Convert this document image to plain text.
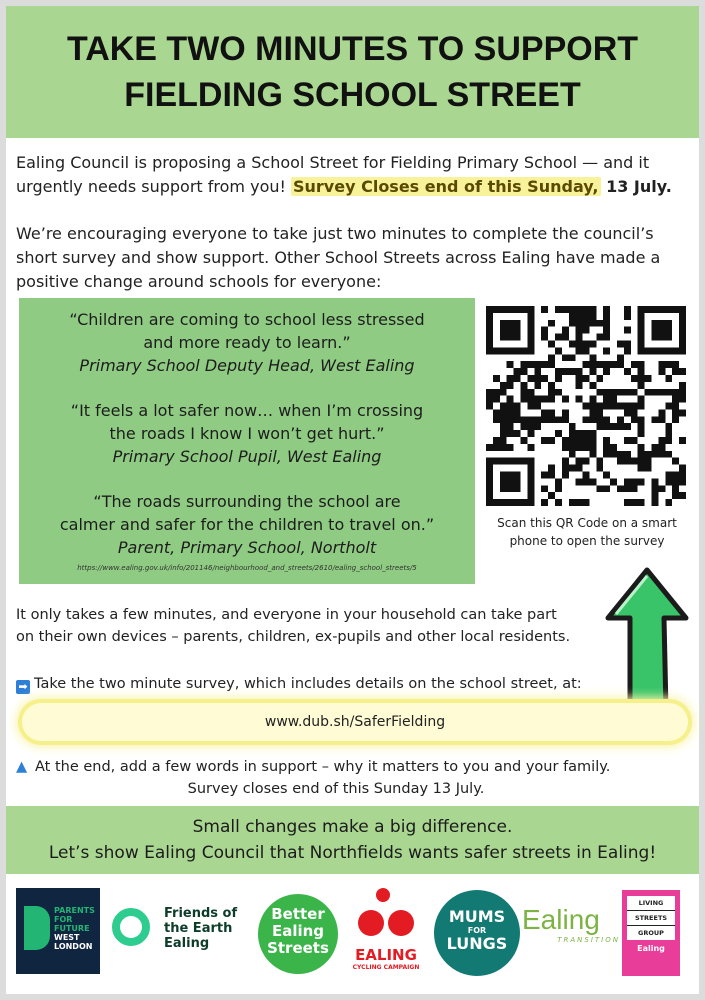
TAKE TWO MINUTES TO SUPPORT
FIELDING SCHOOL STREET
Ealing Council is proposing a School Street for Fielding Primary School — and it
urgently needs support from you! Survey Closes end of this Sunday, 13 July.
We’re encouraging everyone to take just two minutes to complete the council’s
short survey and show support. Other School Streets across Ealing have made a
positive change around schools for everyone:
“Children are coming to school less stressed
and more ready to learn.”
Primary School Deputy Head, West Ealing
“It feels a lot safer now… when I’m crossing
the roads I know I won’t get hurt.”
Primary School Pupil, West Ealing
“The roads surrounding the school are
calmer and safer for the children to travel on.”
Parent, Primary School, Northolt
https://www.ealing.gov.uk/info/201146/neighbourhood_and_streets/2610/ealing_school_streets/5
Scan this QR Code on a smart
phone to open the survey
It only takes a few minutes, and everyone in your household can take part
on their own devices – parents, children, ex-pupils and other local residents.
➡ Take the two minute survey, which includes details on the school street, at:
www.dub.sh/SaferFielding
▲ At the end, add a few words in support – why it matters to you and your family.
Survey closes end of this Sunday 13 July.
Small changes make a big difference.
Let’s show Ealing Council that Northfields wants safer streets in Ealing!
PARENTS
FOR
FUTURE
WEST
LONDON
Friends of
the Earth
Ealing
Better
Ealing
Streets	EALING
CYCLING CAMPAIGN
MUMS
FOR
LUNGS
Ealing
TRANSITION
LIVING
STREETS
GROUP
Ealing
